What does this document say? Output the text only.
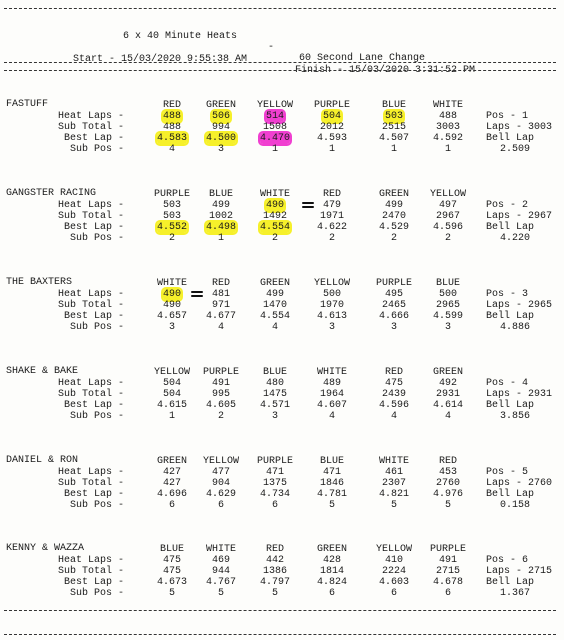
6 x 40 Minute Heats

-

60 Second Lane Change

Start - 15/03/2020 9:55:38 AM

Finish - 15/03/2020 3:31:52 PM

FASTUFF	RED	GREEN	YELLOW	PURPLE	BLUE	WHITE
Heat Laps -	488	506	514	504	503	488
Sub Total -	488	994	1508	2012	2515	3003
Best Lap -	4.583	4.500	4.470	4.593	4.507	4.592
Sub Pos -	4	3	1	1	1	1
Pos - 1
Laps - 3003
Bell Lap
2.509
GANGSTER RACING	PURPLE	BLUE	WHITE	RED	GREEN	YELLOW
Heat Laps -	503	499	490	479	499	497
Sub Total -	503	1002	1492	1971	2470	2967
Best Lap -	4.552	4.498	4.554	4.622	4.529	4.596
Sub Pos -	2	1	2	2	2	2
Pos - 2
Laps - 2967
Bell Lap
4.220
THE BAXTERS	WHITE	RED	GREEN	YELLOW	PURPLE	BLUE
Heat Laps -	490	481	499	500	495	500
Sub Total -	490	971	1470	1970	2465	2965
Best Lap -	4.657	4.677	4.554	4.613	4.666	4.599
Sub Pos -	3	4	4	3	3	3
Pos - 3
Laps - 2965
Bell Lap
4.886
SHAKE & BAKE	YELLOW	PURPLE	BLUE	WHITE	RED	GREEN
Heat Laps -	504	491	480	489	475	492
Sub Total -	504	995	1475	1964	2439	2931
Best Lap -	4.615	4.605	4.571	4.607	4.596	4.614
Sub Pos -	1	2	3	4	4	4
Pos - 4
Laps - 2931
Bell Lap
3.856
DANIEL & RON	GREEN	YELLOW	PURPLE	BLUE	WHITE	RED
Heat Laps -	427	477	471	471	461	453
Sub Total -	427	904	1375	1846	2307	2760
Best Lap -	4.696	4.629	4.734	4.781	4.821	4.976
Sub Pos -	6	6	6	5	5	5
Pos - 5
Laps - 2760
Bell Lap
0.158
KENNY & WAZZA	BLUE	WHITE	RED	GREEN	YELLOW	PURPLE
Heat Laps -	475	469	442	428	410	491
Sub Total -	475	944	1386	1814	2224	2715
Best Lap -	4.673	4.767	4.797	4.824	4.603	4.678
Sub Pos -	5	5	5	6	6	6
Pos - 6
Laps - 2715
Bell Lap
1.367
